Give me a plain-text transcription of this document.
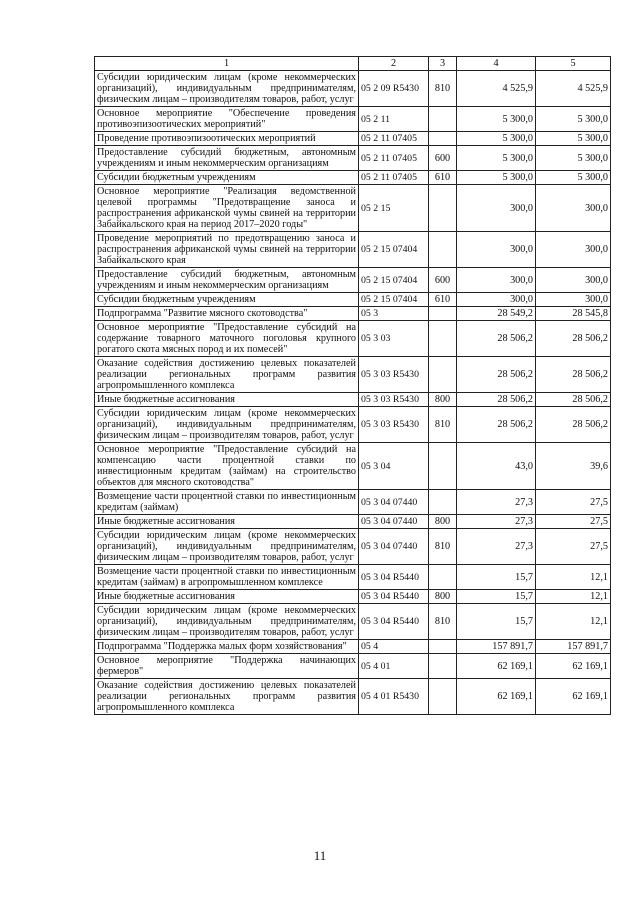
1	2	3	4	5
Субсидии юридическим лицам (кроме некоммерческих организаций), индивидуальным предпринимателям, физическим лицам – производителям товаров, работ, услуг	05 2 09 R5430	810	4 525,9	4 525,9
Основное мероприятие "Обеспечение проведения противоэпизоотических мероприятий"	05 2 11		5 300,0	5 300,0
Проведение противоэпизоотических мероприятий	05 2 11 07405		5 300,0	5 300,0
Предоставление субсидий бюджетным, автономным учреждениям и иным некоммерческим организациям	05 2 11 07405	600	5 300,0	5 300,0
Субсидии бюджетным учреждениям	05 2 11 07405	610	5 300,0	5 300,0
Основное мероприятие "Реализация ведомственной целевой программы "Предотвращение заноса и распространения африканской чумы свиней на территории Забайкальского края на период 2017–2020 годы"	05 2 15		300,0	300,0
Проведение мероприятий по предотвращению заноса и распространения африканской чумы свиней на территории Забайкальского края	05 2 15 07404		300,0	300,0
Предоставление субсидий бюджетным, автономным учреждениям и иным некоммерческим организациям	05 2 15 07404	600	300,0	300,0
Субсидии бюджетным учреждениям	05 2 15 07404	610	300,0	300,0
Подпрограмма "Развитие мясного скотоводства"	05 3		28 549,2	28 545,8
Основное мероприятие "Предоставление субсидий на содержание товарного маточного поголовья крупного рогатого скота мясных пород и их помесей"	05 3 03		28 506,2	28 506,2
Оказание содействия достижению целевых показателей реализации региональных программ развития агропромышленного комплекса	05 3 03 R5430		28 506,2	28 506,2
Иные бюджетные ассигнования	05 3 03 R5430	800	28 506,2	28 506,2
Субсидии юридическим лицам (кроме некоммерческих организаций), индивидуальным предпринимателям, физическим лицам – производителям товаров, работ, услуг	05 3 03 R5430	810	28 506,2	28 506,2
Основное мероприятие "Предоставление субсидий на компенсацию части процентной ставки по инвестиционным кредитам (займам) на строительство объектов для мясного скотоводства"	05 3 04		43,0	39,6
Возмещение части процентной ставки по инвестиционным кредитам (займам)	05 3 04 07440		27,3	27,5
Иные бюджетные ассигнования	05 3 04 07440	800	27,3	27,5
Субсидии юридическим лицам (кроме некоммерческих организаций), индивидуальным предпринимателям, физическим лицам – производителям товаров, работ, услуг	05 3 04 07440	810	27,3	27,5
Возмещение части процентной ставки по инвестиционным кредитам (займам) в агропромышленном комплексе	05 3 04 R5440		15,7	12,1
Иные бюджетные ассигнования	05 3 04 R5440	800	15,7	12,1
Субсидии юридическим лицам (кроме некоммерческих организаций), индивидуальным предпринимателям, физическим лицам – производителям товаров, работ, услуг	05 3 04 R5440	810	15,7	12,1
Подпрограмма "Поддержка малых форм хозяйствования"	05 4		157 891,7	157 891,7
Основное мероприятие "Поддержка начинающих фермеров"	05 4 01		62 169,1	62 169,1
Оказание содействия достижению целевых показателей реализации региональных программ развития агропромышленного комплекса	05 4 01 R5430		62 169,1	62 169,1
11
